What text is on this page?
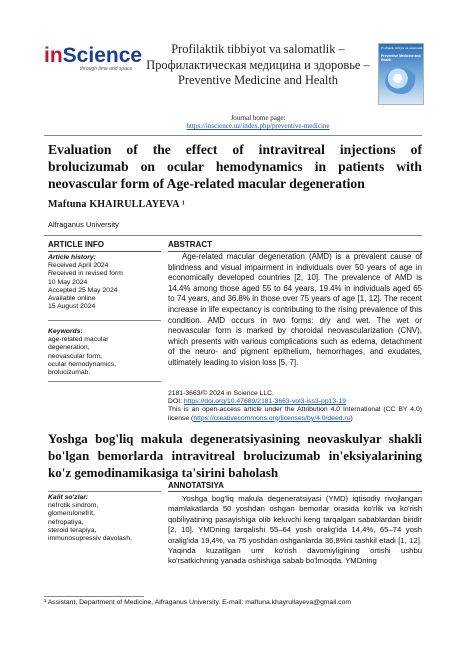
inScience
through time and space
Profilaktik tibbiyot va salomatlik – Профилактическая медицина и здоровье – Preventive Medicine and Health
Journal home page:
https://inscience.uz/index.php/preventive-medicine
Profilaktik tibbiyot va salomatlik
Preventive Medicine and Health
Evaluation of the effect of intravitreal injections of brolucizumab on ocular hemodynamics in patients with neovascular form of Age-related macular degeneration
Maftuna KHAIRULLAYEVA ¹
Alfraganus University
ARTICLE INFO
Article history:
Received April 2024
Received in revised form
10 May 2024
Accepted 25 May 2024
Available online
15 August 2024
Keywords:
age-related macular
degeneration,
neovascular form,
ocular hemodynamics,
brolucizumab.
ABSTRACT
Age-related macular degeneration (AMD) is a prevalent cause of blindness and visual impairment in individuals over 50 years of age in economically developed countries [2, 10]. The prevalence of AMD is 14.4% among those aged 55 to 64 years, 19.4% in individuals aged 65 to 74 years, and 36.8% in those over 75 years of age [1, 12]. The recent increase in life expectancy is contributing to the rising prevalence of this condition. AMD occurs in two forms: dry and wet. The wet or neovascular form is marked by choroidal neovascularization (CNV), which presents with various complications such as edema, detachment of the neuro- and pigment epithelium, hemorrhages, and exudates, ultimately leading to vision loss [5, 7].
2181-3663/© 2024 in Science LLC.
DOI: https://doi.org/10.47689/2181-3663-vol3-iss3-pp13-19
This is an open-access article under the Attribution 4.0 International (CC BY 4.0) license (https://creativecommons.org/licenses/by/4.0/deed.ru)
Yoshga bog'liq makula degeneratsiyasining neovaskulyar shakli bo'lgan bemorlarda intravitreal brolucizumab in'eksiyalarining ko'z gemodinamikasiga ta'sirini baholash
ANNOTATSIYA
Kalit so'zlar:
nefrotik sindrom,
glomerulonefrit,
nefropatiya,
steroid terapiya,
immunosupressiv davolash.
Yoshga bog'liq makula degeneratsiyasi (YMD) iqtisodiy rivojlangan mamlakatlarda 50 yoshdan oshgan bemorlar orasida ko'rlik va ko'rish qobiliyatining pasayishiga olib keluvchi keng tarqalgan sabablardan biridir [2, 10]. YMDning tarqalishi 55–64 yosh oralig'ida 14,4%, 65–74 yosh oralig'ida 19,4%, va 75 yoshdan oshganlarda 36,8%ni tashkil etadi [1, 12]. Yaqinda kuzatilgan umr ko'rish davomiyligining ortishi ushbu ko'rsatkichning yanada oshishiga sabab bo'lmoqda. YMDning
¹ Assistant, Department of Medicine, Alfraganus University. E-mail: maftuna.khayrullayeva@gmail.com
